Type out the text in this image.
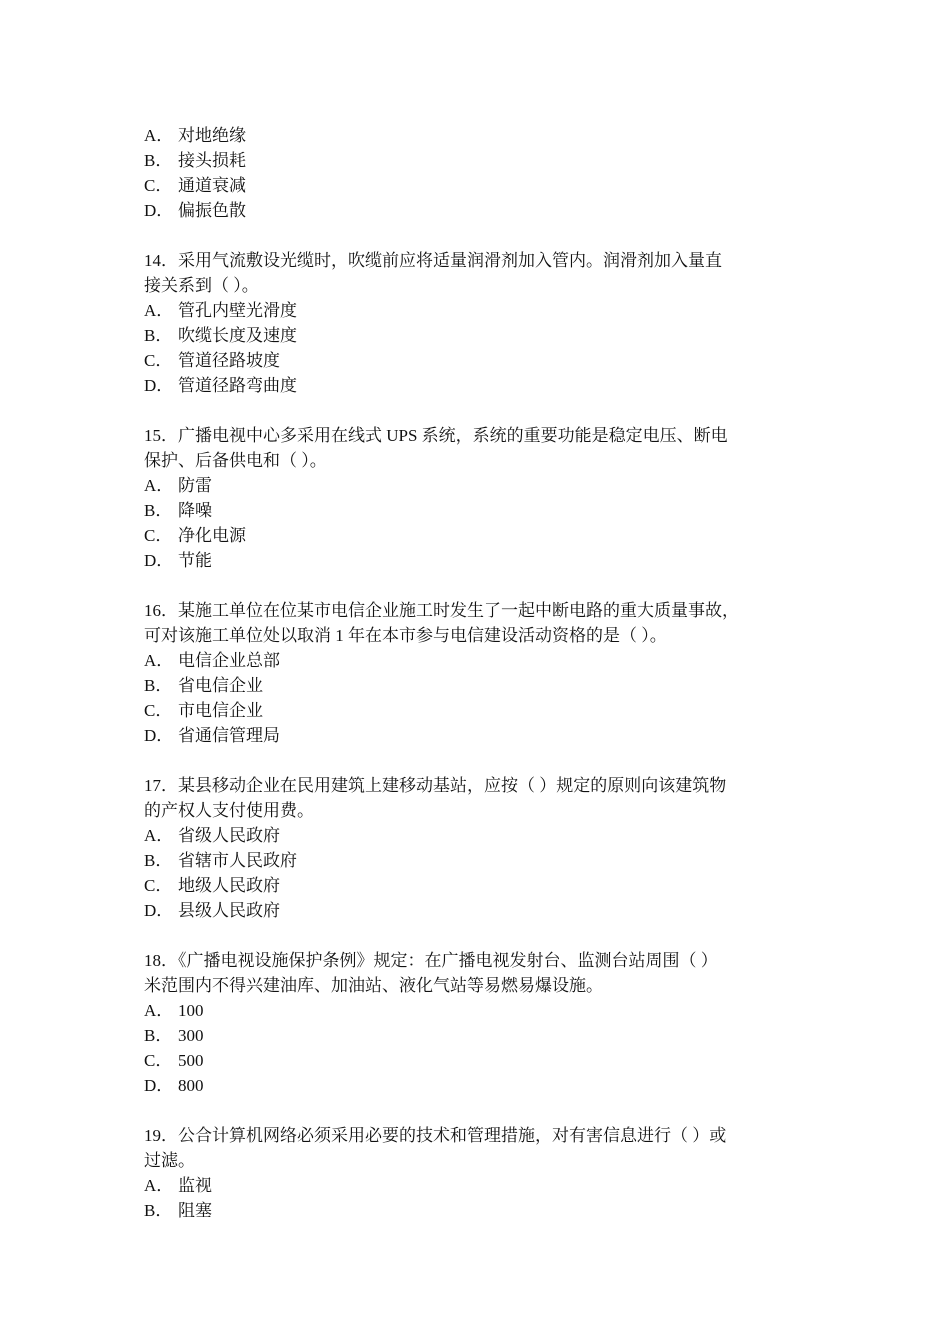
A． 对地绝缘
B． 接头损耗
C． 通道衰减
D． 偏振色散
14．采用气流敷设光缆时，吹缆前应将适量润滑剂加入管内。润滑剂加入量直
接关系到（ ）。
A． 管孔内壁光滑度
B． 吹缆长度及速度
C． 管道径路坡度
D． 管道径路弯曲度
15．广播电视中心多采用在线式 UPS 系统，系统的重要功能是稳定电压、断电
保护、后备供电和（ ）。
A． 防雷
B． 降噪
C． 净化电源
D． 节能
16．某施工单位在位某市电信企业施工时发生了一起中断电路的重大质量事故，
可对该施工单位处以取消 1 年在本市参与电信建设活动资格的是（ ）。
A． 电信企业总部
B． 省电信企业
C． 市电信企业
D． 省通信管理局
17．某县移动企业在民用建筑上建移动基站，应按（ ）规定的原则向该建筑物
的产权人支付使用费。
A． 省级人民政府
B． 省辖市人民政府
C． 地级人民政府
D． 县级人民政府
18．《广播电视设施保护条例》规定：在广播电视发射台、监测台站周围（ ）
米范围内不得兴建油库、加油站、液化气站等易燃易爆设施。
A． 100
B． 300
C． 500
D． 800
19．公合计算机网络必须采用必要的技术和管理措施，对有害信息进行（ ）或
过滤。
A． 监视
B． 阻塞
